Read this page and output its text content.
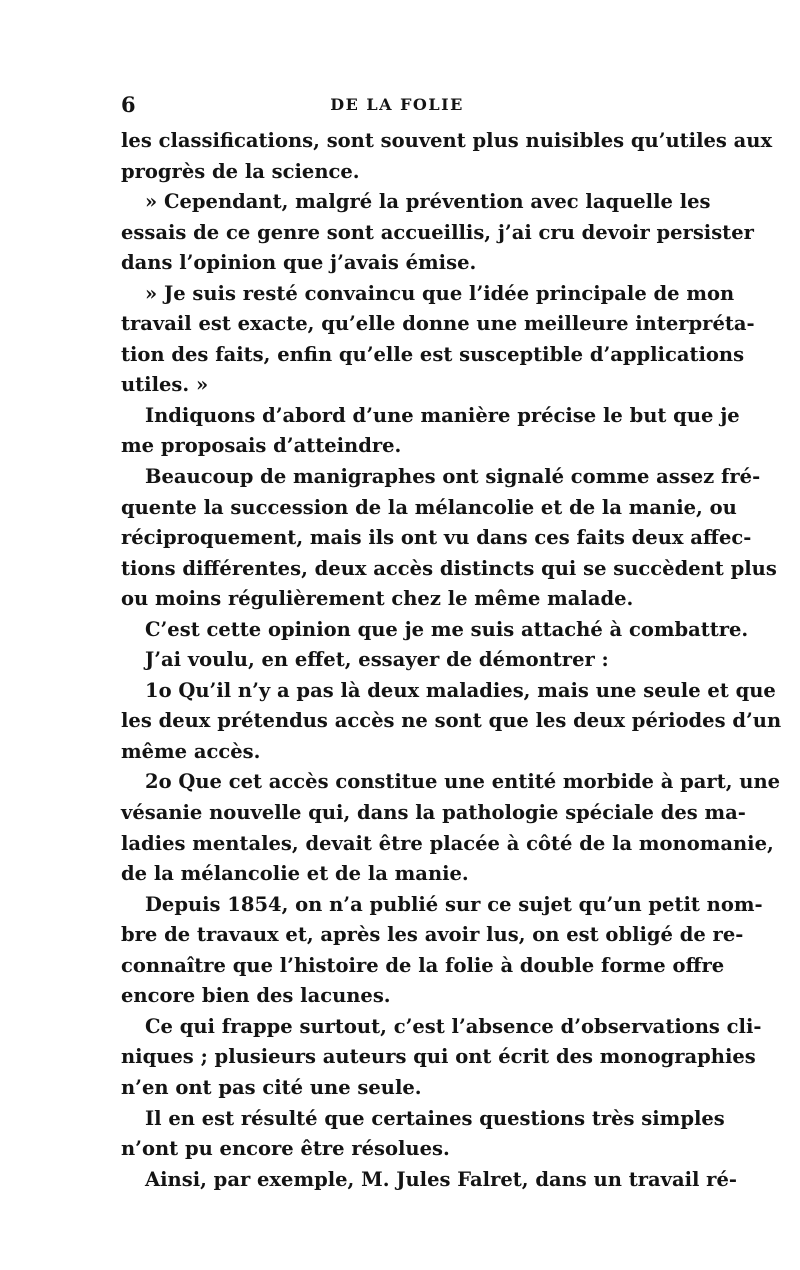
6	DE LA FOLIE
les classifications, sont souvent plus nuisibles qu’utiles aux
progrès de la science.
» Cependant, malgré la prévention avec laquelle les
essais de ce genre sont accueillis, j’ai cru devoir persister
dans l’opinion que j’avais émise.
» Je suis resté convaincu que l’idée principale de mon
travail est exacte, qu’elle donne une meilleure interpréta-
tion des faits, enfin qu’elle est susceptible d’applications
utiles. »
Indiquons d’abord d’une manière précise le but que je
me proposais d’atteindre.
Beaucoup de manigraphes ont signalé comme assez fré-
quente la succession de la mélancolie et de la manie, ou
réciproquement, mais ils ont vu dans ces faits deux affec-
tions différentes, deux accès distincts qui se succèdent plus
ou moins régulièrement chez le même malade.
C’est cette opinion que je me suis attaché à combattre.
J’ai voulu, en effet, essayer de démontrer :
1o Qu’il n’y a pas là deux maladies, mais une seule et que
les deux prétendus accès ne sont que les deux périodes d’un
même accès.
2o Que cet accès constitue une entité morbide à part, une
vésanie nouvelle qui, dans la pathologie spéciale des ma-
ladies mentales, devait être placée à côté de la monomanie,
de la mélancolie et de la manie.
Depuis 1854, on n’a publié sur ce sujet qu’un petit nom-
bre de travaux et, après les avoir lus, on est obligé de re-
connaître que l’histoire de la folie à double forme offre
encore bien des lacunes.
Ce qui frappe surtout, c’est l’absence d’observations cli-
niques ; plusieurs auteurs qui ont écrit des monographies
n’en ont pas cité une seule.
Il en est résulté que certaines questions très simples
n’ont pu encore être résolues.
Ainsi, par exemple, M. Jules Falret, dans un travail ré-
